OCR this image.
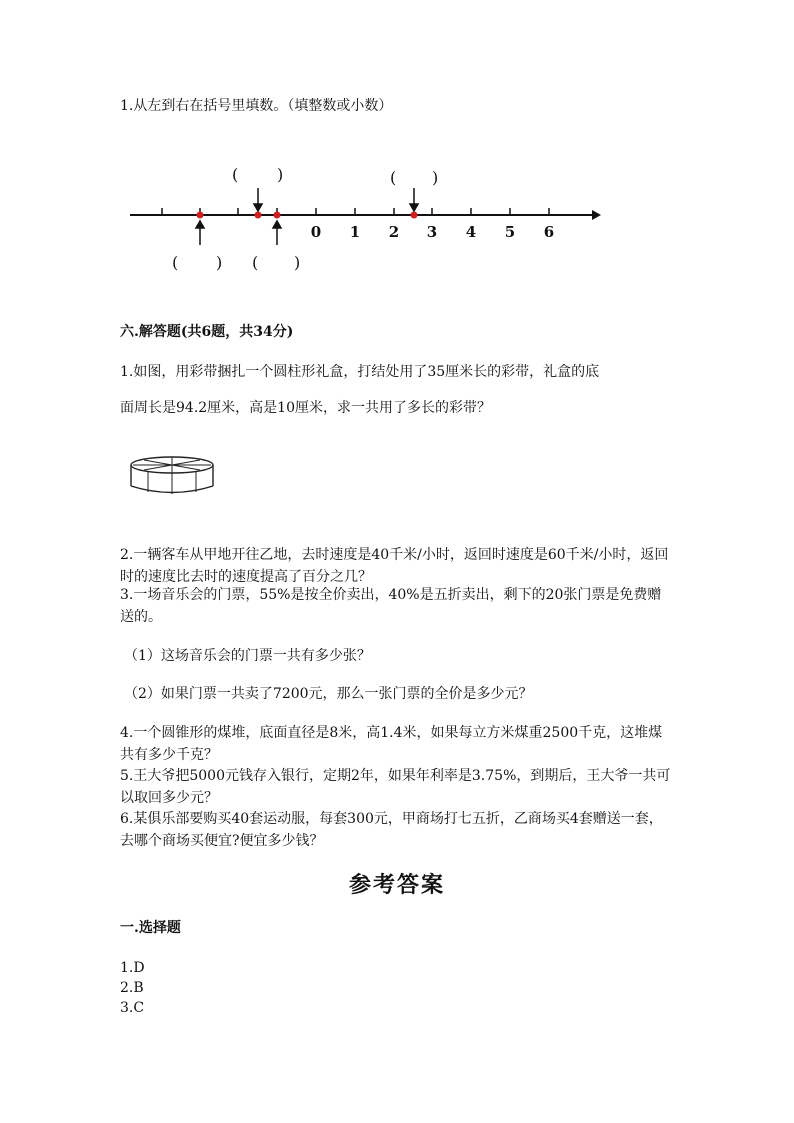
1.从左到右在括号里填数。（填整数或小数）
0 1 2 3 4 5 6
( )	( )
( ) ( )
六.解答题(共6题，共34分)
1.如图，用彩带捆扎一个圆柱形礼盒，打结处用了35厘米长的彩带，礼盒的底
面周长是94.2厘米，高是10厘米，求一共用了多长的彩带？
2.一辆客车从甲地开往乙地，去时速度是40千米/小时，返回时速度是60千米/小时，返回时的速度比去时的速度提高了百分之几？
3.一场音乐会的门票，55%是按全价卖出，40%是五折卖出，剩下的20张门票是免费赠送的。
（1）这场音乐会的门票一共有多少张？
（2）如果门票一共卖了7200元，那么一张门票的全价是多少元？
4.一个圆锥形的煤堆，底面直径是8米，高1.4米，如果每立方米煤重2500千克，这堆煤共有多少千克？
5.王大爷把5000元钱存入银行，定期2年，如果年利率是3.75%，到期后，王大爷一共可以取回多少元？
6.某俱乐部要购买40套运动服，每套300元，甲商场打七五折，乙商场买4套赠送一套，去哪个商场买便宜?便宜多少钱？
参考答案
一.选择题
1.D
2.B
3.C
